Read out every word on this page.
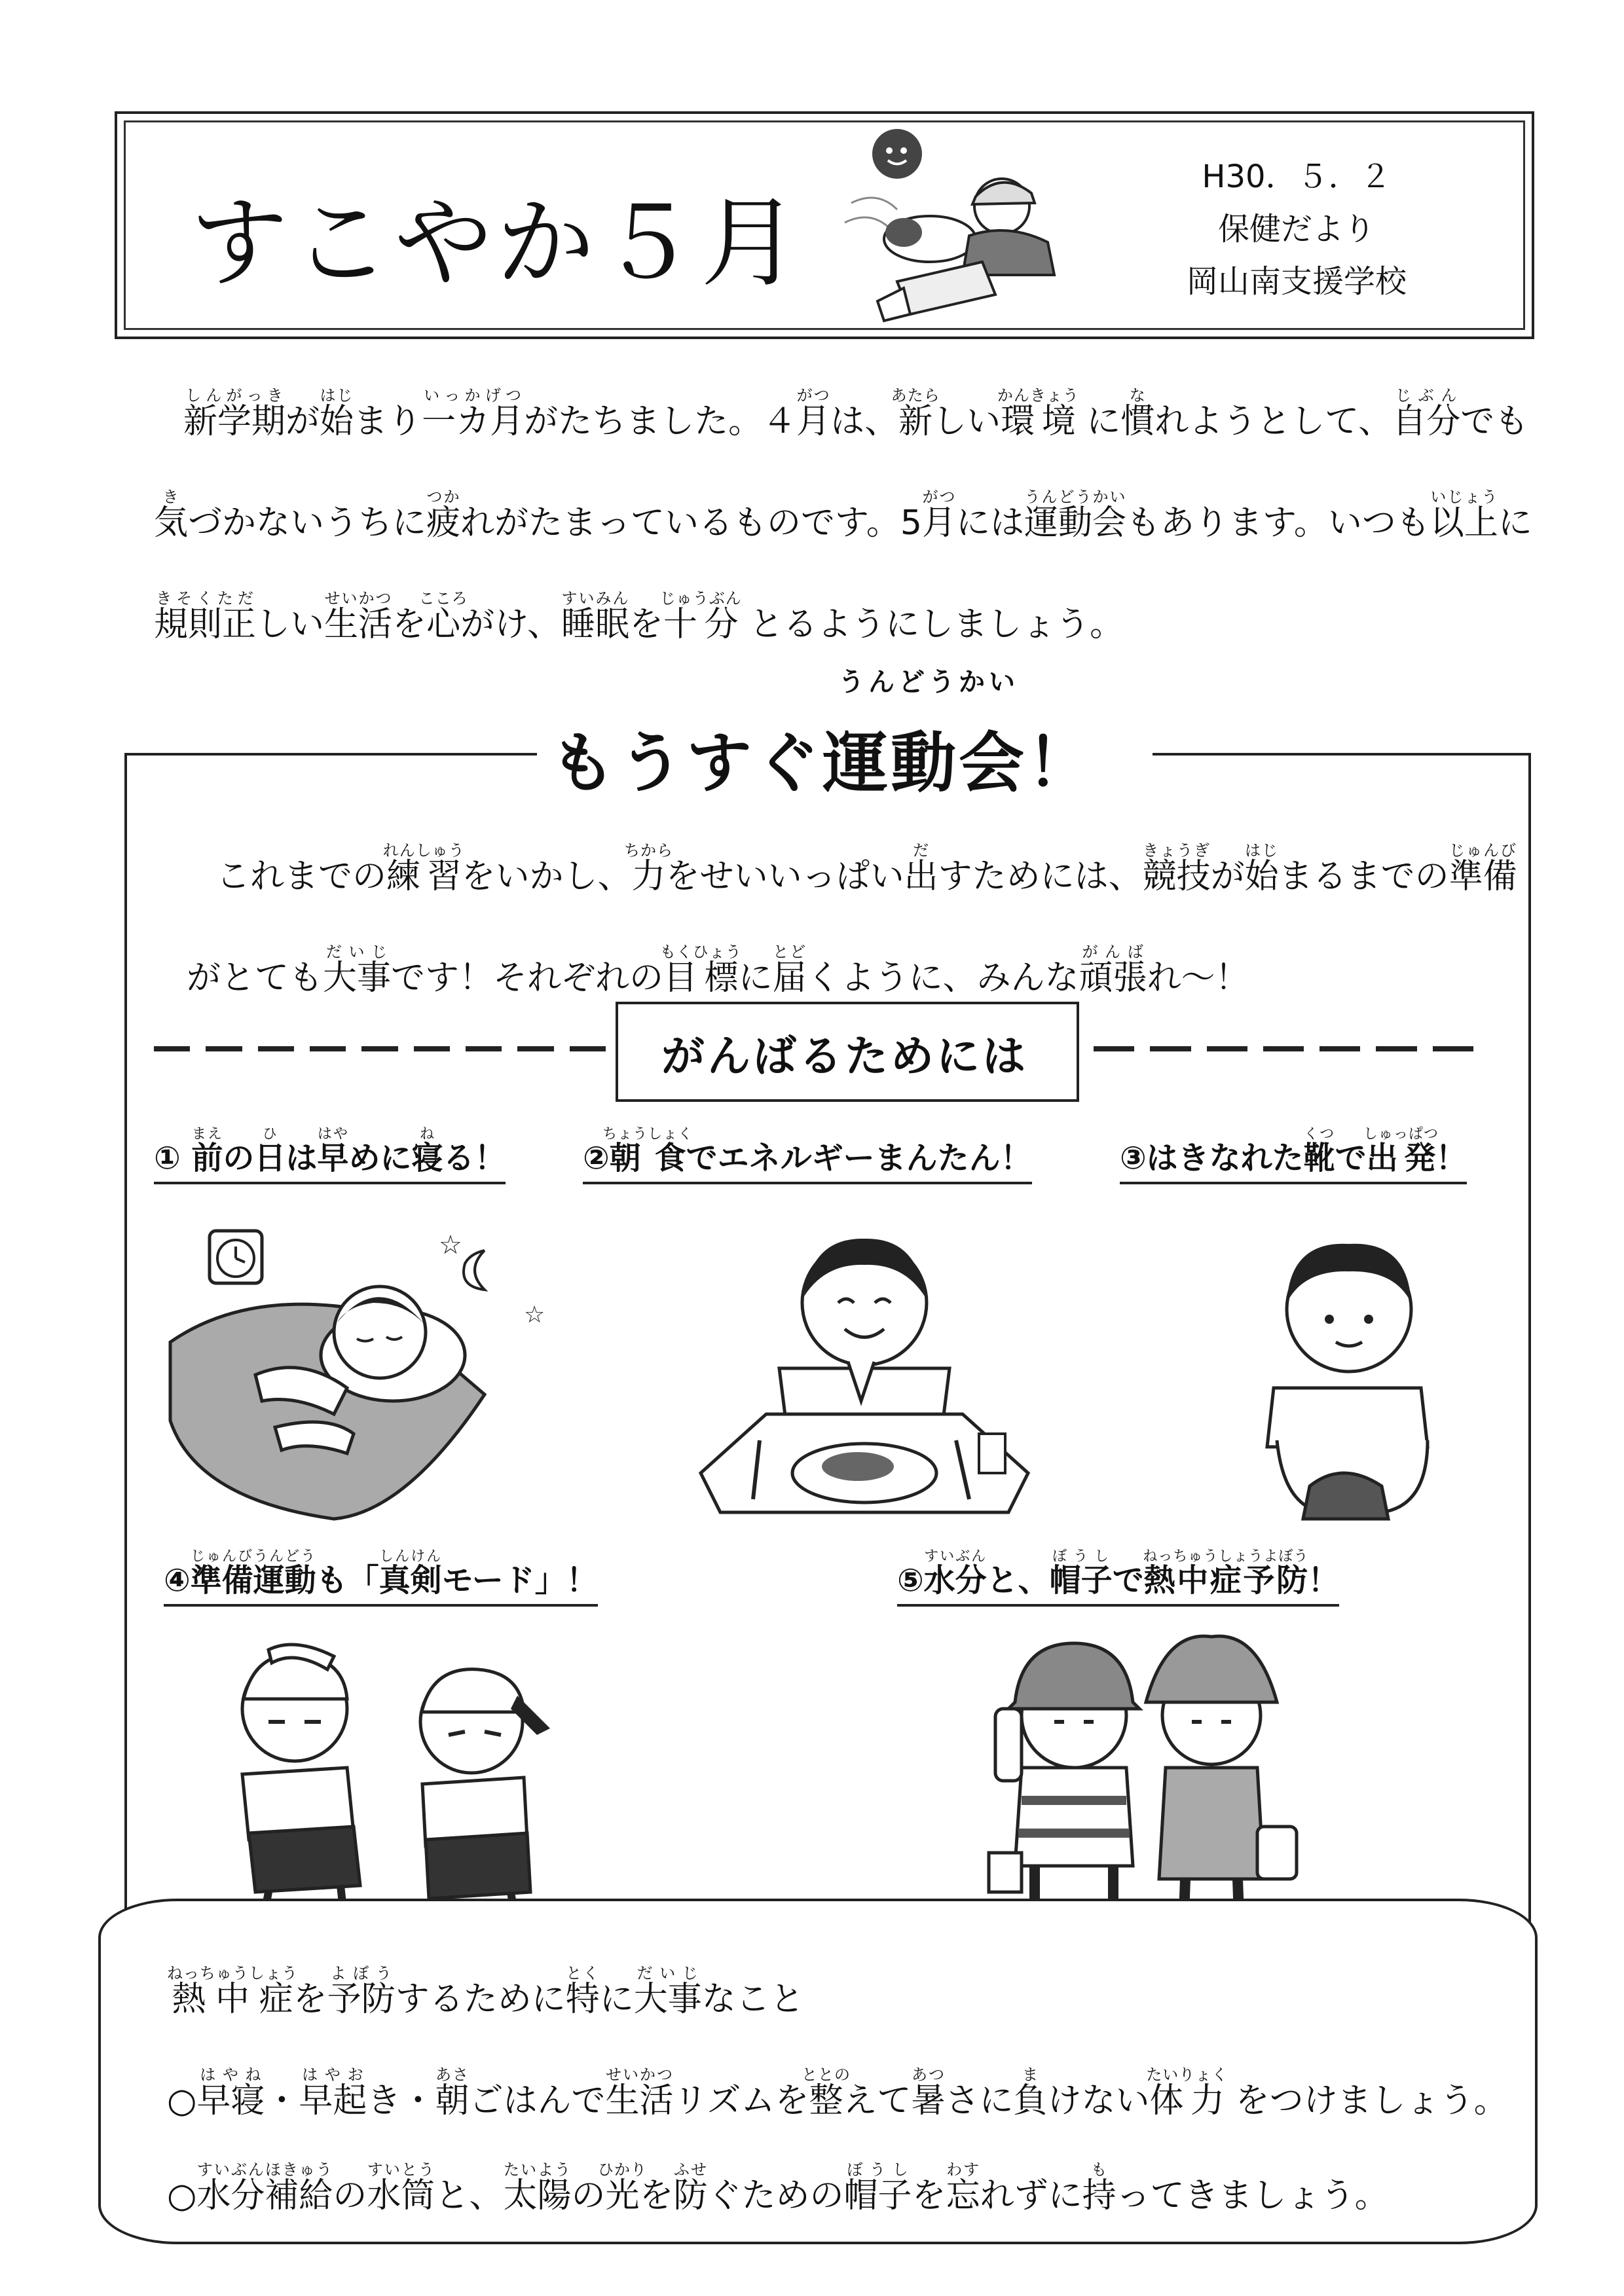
すこやか５月
H30．５．２
保健だより
岡山南支援学校
新学期しんがっきが始はじまり一カ月いっかげつがたちました。４月がつは、新あたらしい環境かんきょう に慣なれようとして、自分じぶんでも
気きづかないうちに疲つかれがたまっているものです。5月がつには運動会うんどうかいもあります。いつも以上いじょうに
規則正きそくただしい生活せいかつを心こころがけ、睡眠すいみんを十分じゅうぶん とるようにしましょう。
うんどうかい
もうすぐ運動会！
これまでの練習れんしゅうをいかし、力ちからをせいいっぱい出だすためには、競技きょうぎが始はじまるまでの準備じゅんび
がとても大事だいじです！それぞれの目標もくひょうに届とどくように、みんな頑張がんばれ～！
がんばるためには
① 前まえの日ひは早はやめに寝ねる！ ②朝食ちょうしょくでエネルギーまんたん！	③はきなれた靴くつで出発しゅっぱつ！
④準備運動じゅんびうんどうも「真剣しんけんモード」！	⑤水分すいぶんと、帽子ぼうしで熱中症予防ねっちゅうしょうよぼう！
☆
☆
熱中症ねっちゅうしょうを予防よぼうするために特とくに大事だいじなこと
○早寝はやね・早起はやおき・朝あさごはんで生活せいかつリズムを整ととのえて暑あつさに負まけない体力たいりょく をつけましょう。
○水分補給すいぶんほきゅうの水筒すいとうと、太陽たいようの光ひかりを防ふせぐための帽子ぼうしを忘わすれずに持もってきましょう。
